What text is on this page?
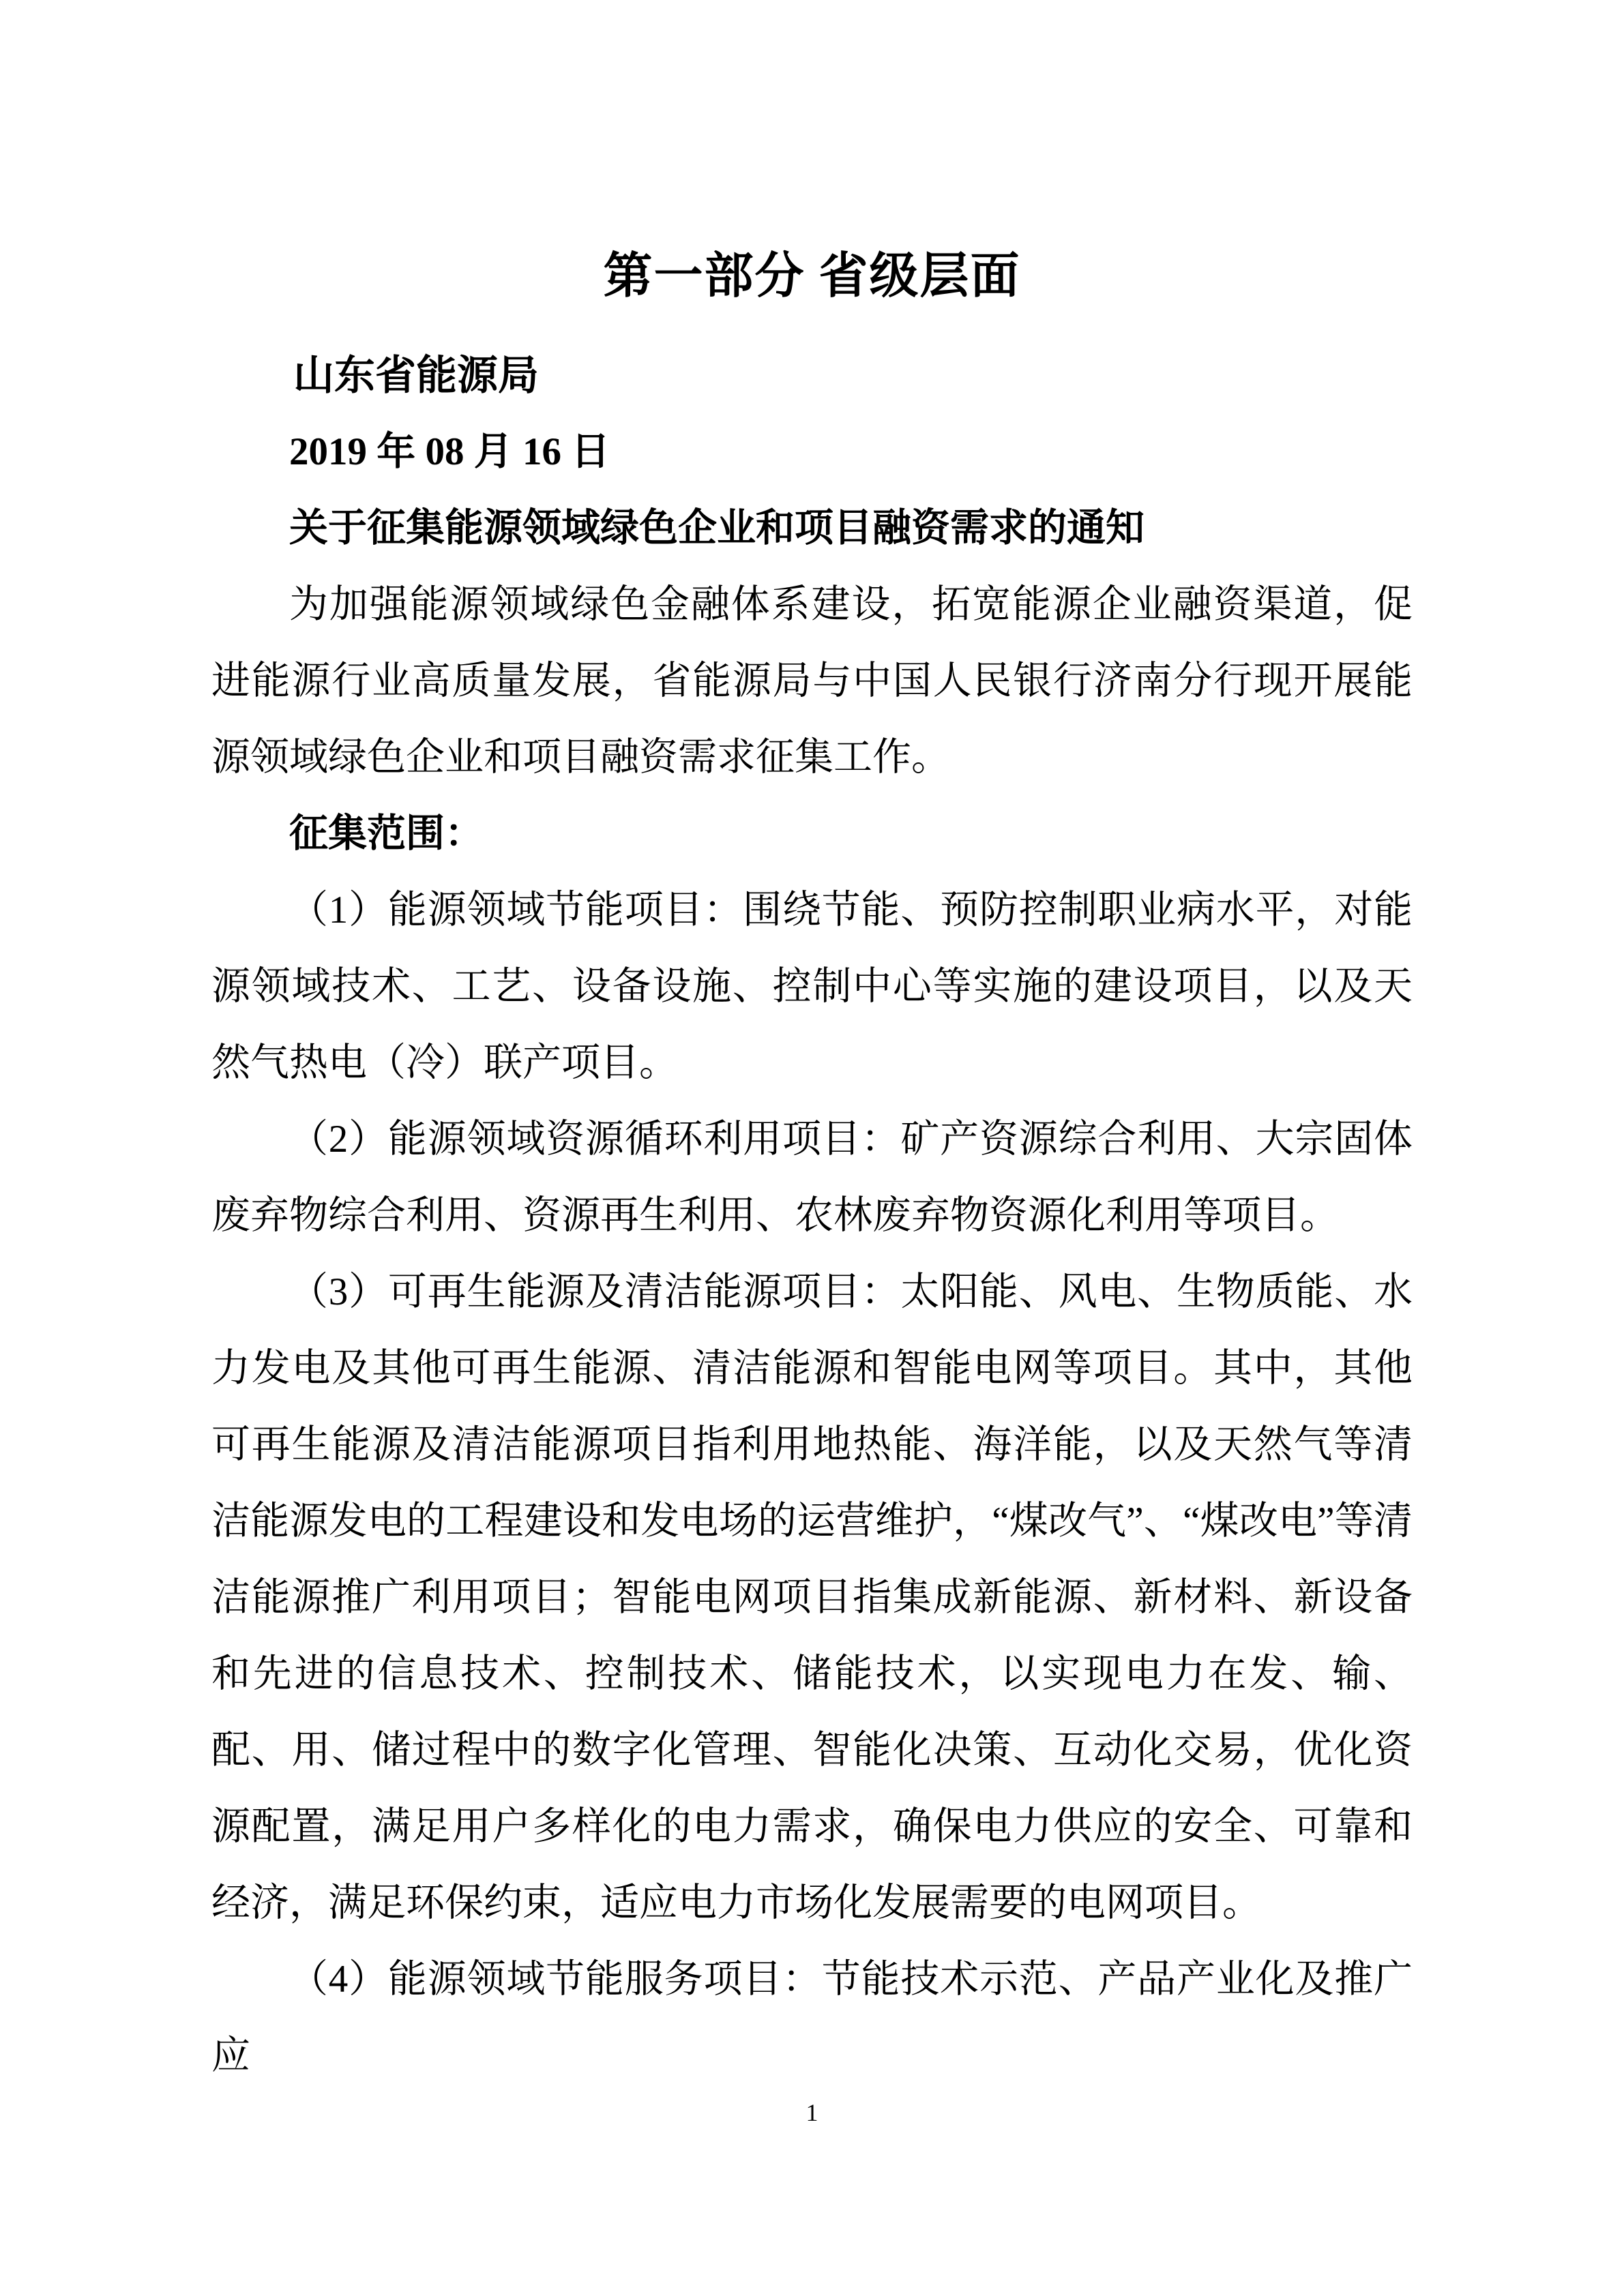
第一部分 省级层面

山东省能源局

2019 年 08 月 16 日

关于征集能源领域绿色企业和项目融资需求的通知

为加强能源领域绿色金融体系建设，拓宽能源企业融资渠道，促进能源行业高质量发展，省能源局与中国人民银行济南分行现开展能源领域绿色企业和项目融资需求征集工作。

征集范围：

（1）能源领域节能项目：围绕节能、预防控制职业病水平，对能源领域技术、工艺、设备设施、控制中心等实施的建设项目，以及天然气热电（冷）联产项目。

（2）能源领域资源循环利用项目：矿产资源综合利用、大宗固体废弃物综合利用、资源再生利用、农林废弃物资源化利用等项目。

（3）可再生能源及清洁能源项目：太阳能、风电、生物质能、水力发电及其他可再生能源、清洁能源和智能电网等项目。其中，其他可再生能源及清洁能源项目指利用地热能、海洋能，以及天然气等清洁能源发电的工程建设和发电场的运营维护，“煤改气”、“煤改电”等清洁能源推广利用项目；智能电网项目指集成新能源、新材料、新设备和先进的信息技术、控制技术、储能技术，以实现电力在发、输、配、用、储过程中的数字化管理、智能化决策、互动化交易，优化资源配置，满足用户多样化的电力需求，确保电力供应的安全、可靠和经济，满足环保约束，适应电力市场化发展需要的电网项目。

（4）能源领域节能服务项目：节能技术示范、产品产业化及推广应

1
